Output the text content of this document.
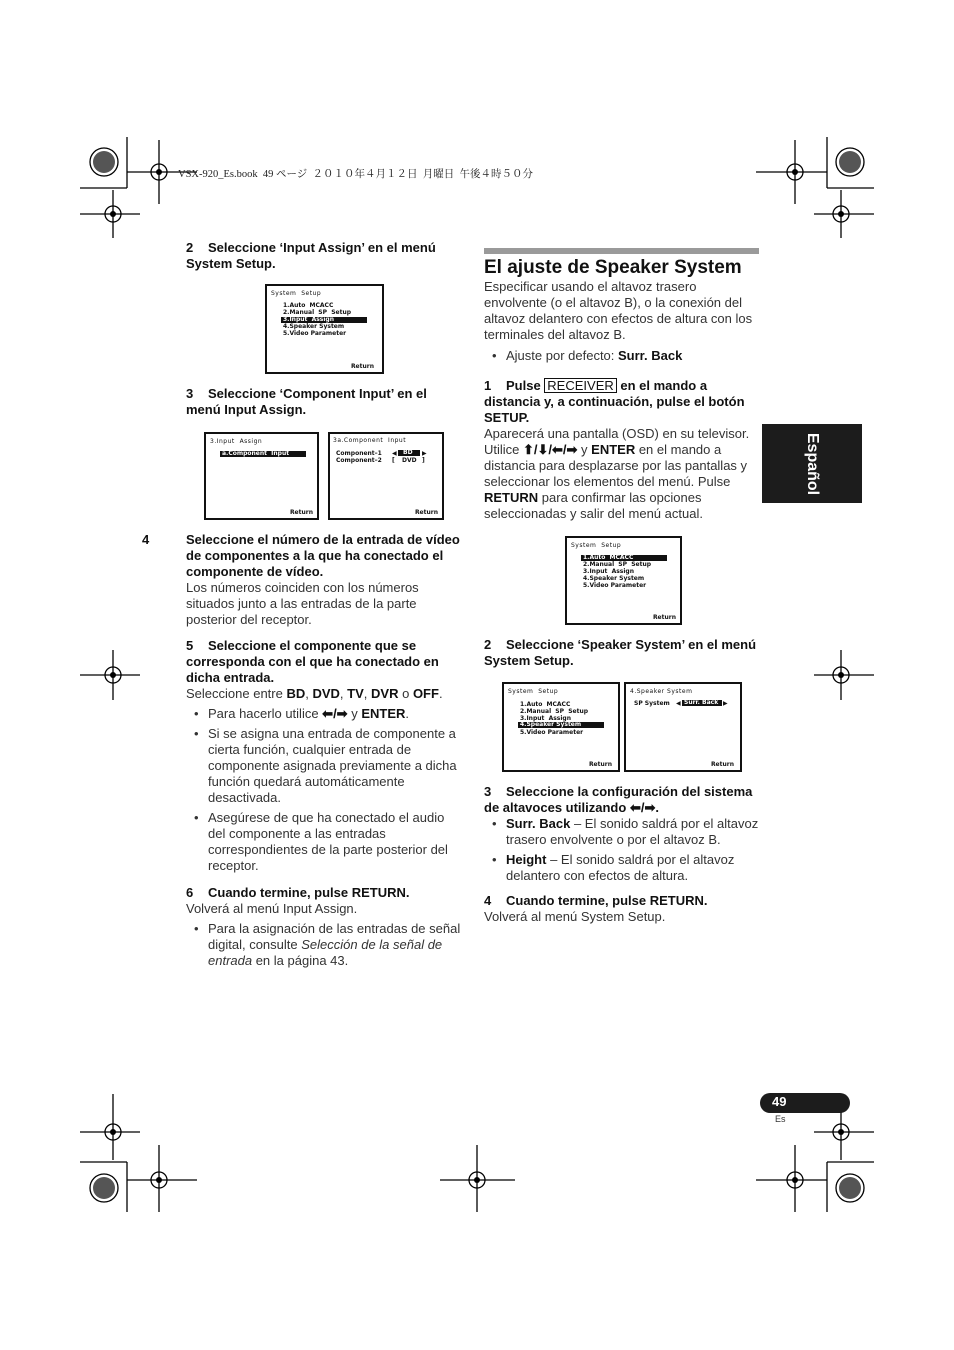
VSX-920_Es.book  49 ページ  ２０１０年４月１２日  月曜日  午後４時５０分
2 Seleccione ‘Input Assign’ en el menú System Setup.
System  Setup
1.Auto  MCACC
2.Manual  SP  Setup
3.Input  Assign
4.Speaker System
5.Video Parameter
Return
3 Seleccione ‘Component Input’ en el menú Input Assign.
3.Input  Assign
a.Component  Input
Return
3a.Component  Input
Component–1
Component–2
◀ BD ▶
[ DVD ]
Return
4	Seleccione el número de la entrada de vídeo de componentes a la que ha conectado el componente de vídeo.
Los números coinciden con los números situados junto a las entradas de la parte posterior del receptor.
5 Seleccione el componente que se corresponda con el que ha conectado en dicha entrada.
Seleccione entre BD, DVD, TV, DVR o OFF.
• Para hacerlo utilice ⬅/➡ y ENTER.
• Si se asigna una entrada de componente a cierta función, cualquier entrada de componente asignada previamente a dicha función quedará automáticamente desactivada.
• Asegúrese de que ha conectado el audio del componente a las entradas correspondientes de la parte posterior del receptor.
6 Cuando termine, pulse RETURN.
Volverá al menú Input Assign.
• Para la asignación de las entradas de señal digital, consulte Selección de la señal de entrada en la página 43.
El ajuste de Speaker System
Especificar usando el altavoz trasero envolvente (o el altavoz B), o la conexión del altavoz delantero con efectos de altura con los terminales del altavoz B.
• Ajuste por defecto: Surr. Back
1 Pulse RECEIVER en el mando a distancia y, a continuación, pulse el botón SETUP.
Aparecerá una pantalla (OSD) en su televisor. Utilice ⬆/⬇/⬅/➡ y ENTER en el mando a distancia para desplazarse por las pantallas y seleccionar los elementos del menú. Pulse RETURN para confirmar las opciones seleccionadas y salir del menú actual.
System  Setup
1.Auto  MCACC
2.Manual  SP  Setup
3.Input  Assign
4.Speaker System
5.Video Parameter
Return
2 Seleccione ‘Speaker System’ en el menú System Setup.
System  Setup
1.Auto  MCACC
2.Manual  SP  Setup
3.Input  Assign
4.Speaker System
5.Video Parameter
Return
4.Speaker System
SP System ◀ Surr. Back ▶
Return
3 Seleccione la configuración del sistema de altavoces utilizando ⬅/➡.
• Surr. Back – El sonido saldrá por el altavoz trasero envolvente o por el altavoz B.
• Height – El sonido saldrá por el altavoz delantero con efectos de altura.
4 Cuando termine, pulse RETURN.
Volverá al menú System Setup.
Español
49
Es
